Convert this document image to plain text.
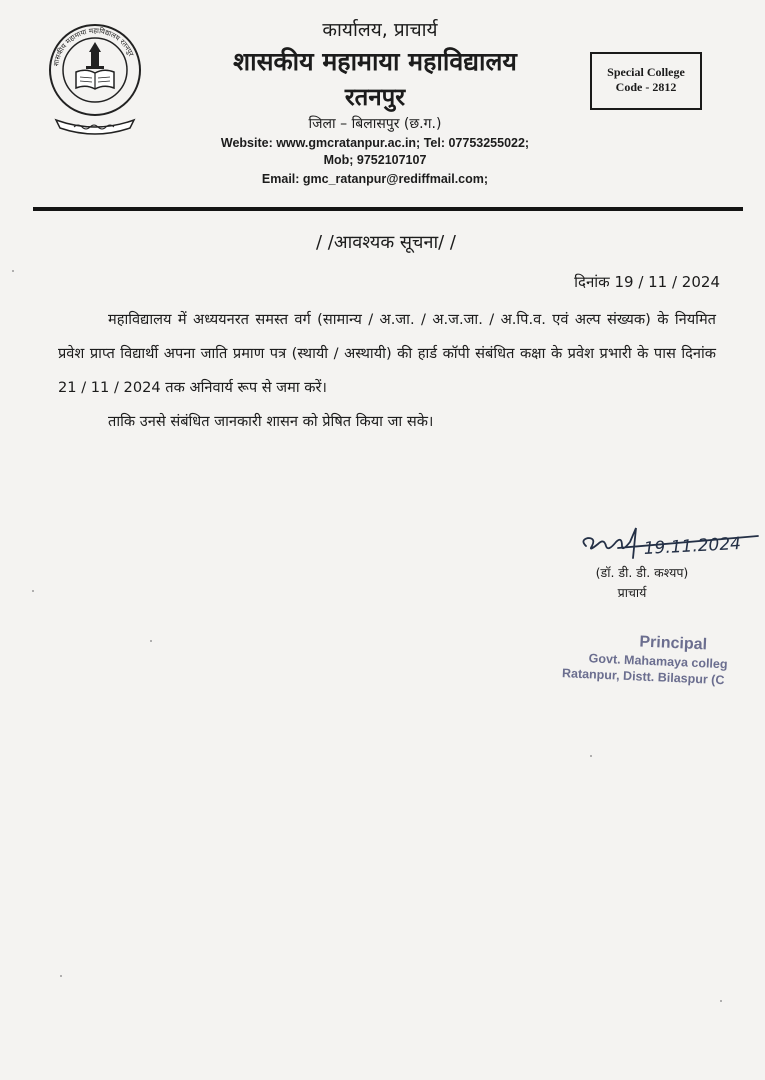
शासकीय महामाया महाविद्यालय रतनपुर
कार्यालय, प्राचार्य
शासकीय महामाया महाविद्यालय
रतनपुर
जिला – बिलासपुर (छ.ग.)
Website: www.gmcratanpur.ac.in; Tel: 07753255022;
Mob; 9752107107
Email: gmc_ratanpur@rediffmail.com;
Special College
Code - 2812
/ /आवश्यक सूचना/ /
दिनांक 19 / 11 / 2024

महाविद्यालय में अध्ययनरत समस्त वर्ग (सामान्य / अ.जा. / अ.ज.जा. / अ.पि.व. एवं अल्प संख्यक) के नियमित प्रवेश प्राप्त विद्यार्थी अपना जाति प्रमाण पत्र (स्थायी / अस्थायी) की हार्ड कॉपी संबंधित कक्षा के प्रवेश प्रभारी के पास दिनांक 21 / 11 / 2024 तक अनिवार्य रूप से जमा करें।

ताकि उनसे संबंधित जानकारी शासन को प्रेषित किया जा सके।

19.11.2024
(डॉ. डी. डी. कश्यप)
प्राचार्य
Principal
Govt. Mahamaya colleg
Ratanpur, Distt. Bilaspur (C
